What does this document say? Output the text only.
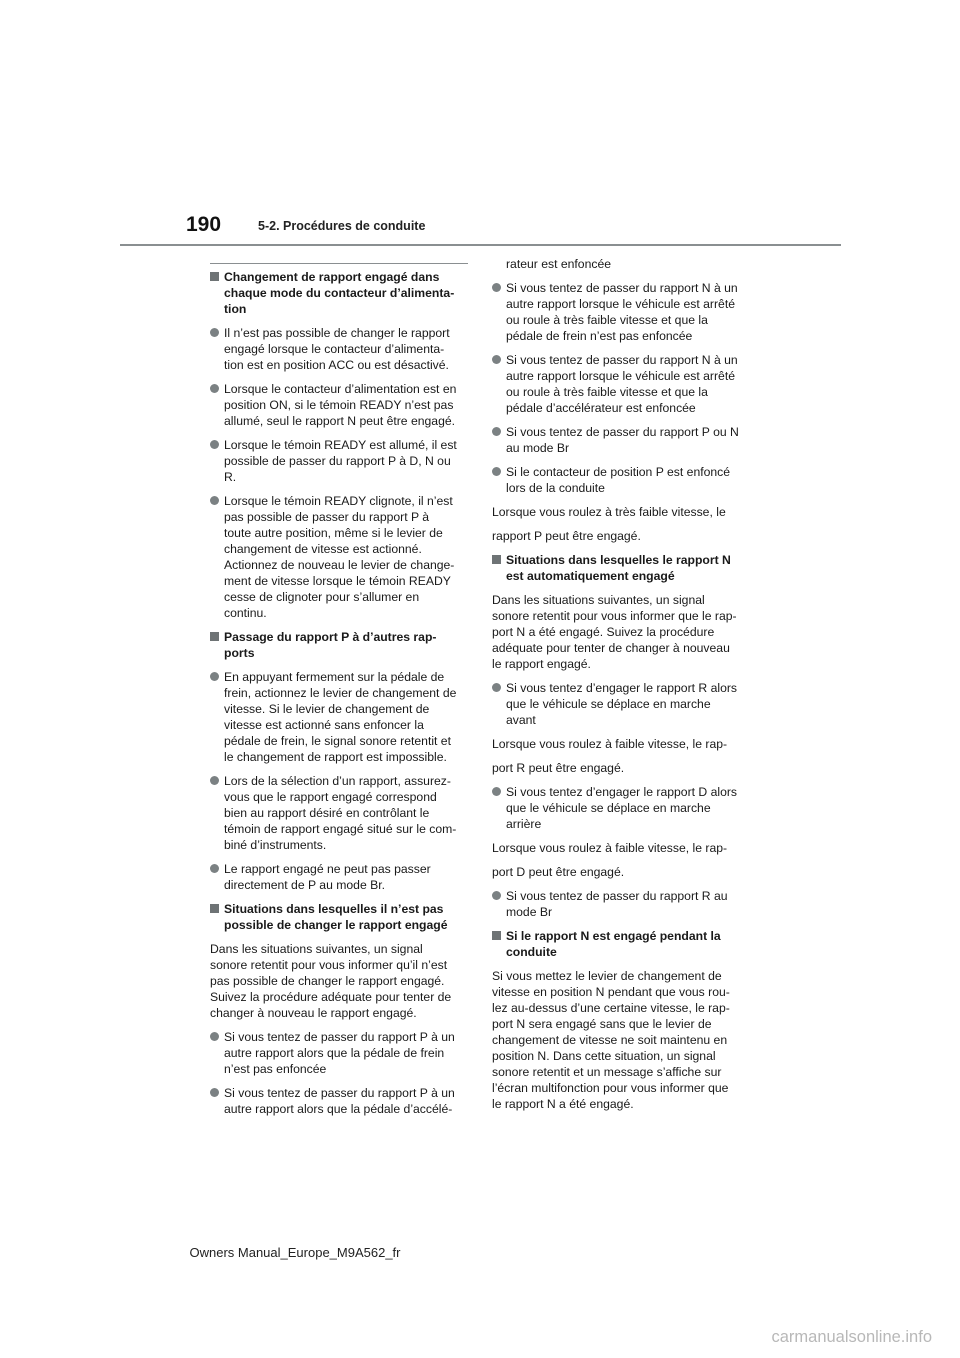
190	5-2. Procédures de conduite
Changement de rapport engagé dans
chaque mode du contacteur d’alimenta-
tion
Il n’est pas possible de changer le rapport
engagé lorsque le contacteur d’alimenta-
tion est en position ACC ou est désactivé.
Lorsque le contacteur d’alimentation est en
position ON, si le témoin READY n’est pas
allumé, seul le rapport N peut être engagé.
Lorsque le témoin READY est allumé, il est
possible de passer du rapport P à D, N ou
R.
Lorsque le témoin READY clignote, il n’est
pas possible de passer du rapport P à
toute autre position, même si le levier de
changement de vitesse est actionné.
Actionnez de nouveau le levier de change-
ment de vitesse lorsque le témoin READY
cesse de clignoter pour s’allumer en
continu.
Passage du rapport P à d’autres rap-
ports
En appuyant fermement sur la pédale de
frein, actionnez le levier de changement de
vitesse. Si le levier de changement de
vitesse est actionné sans enfoncer la
pédale de frein, le signal sonore retentit et
le changement de rapport est impossible.
Lors de la sélection d’un rapport, assurez-
vous que le rapport engagé correspond
bien au rapport désiré en contrôlant le
témoin de rapport engagé situé sur le com-
biné d’instruments.
Le rapport engagé ne peut pas passer
directement de P au mode Br.
Situations dans lesquelles il n’est pas
possible de changer le rapport engagé
Dans les situations suivantes, un signal
sonore retentit pour vous informer qu’il n’est
pas possible de changer le rapport engagé.
Suivez la procédure adéquate pour tenter de
changer à nouveau le rapport engagé.
Si vous tentez de passer du rapport P à un
autre rapport alors que la pédale de frein
n’est pas enfoncée
Si vous tentez de passer du rapport P à un
autre rapport alors que la pédale d’accélé-
rateur est enfoncée
Si vous tentez de passer du rapport N à un
autre rapport lorsque le véhicule est arrêté
ou roule à très faible vitesse et que la
pédale de frein n’est pas enfoncée
Si vous tentez de passer du rapport N à un
autre rapport lorsque le véhicule est arrêté
ou roule à très faible vitesse et que la
pédale d’accélérateur est enfoncée
Si vous tentez de passer du rapport P ou N
au mode Br
Si le contacteur de position P est enfoncé
lors de la conduite
Lorsque vous roulez à très faible vitesse, le
rapport P peut être engagé.
Situations dans lesquelles le rapport N
est automatiquement engagé
Dans les situations suivantes, un signal
sonore retentit pour vous informer que le rap-
port N a été engagé. Suivez la procédure
adéquate pour tenter de changer à nouveau
le rapport engagé.
Si vous tentez d’engager le rapport R alors
que le véhicule se déplace en marche
avant
Lorsque vous roulez à faible vitesse, le rap-
port R peut être engagé.
Si vous tentez d’engager le rapport D alors
que le véhicule se déplace en marche
arrière
Lorsque vous roulez à faible vitesse, le rap-
port D peut être engagé.
Si vous tentez de passer du rapport R au
mode Br
Si le rapport N est engagé pendant la
conduite
Si vous mettez le levier de changement de
vitesse en position N pendant que vous rou-
lez au-dessus d’une certaine vitesse, le rap-
port N sera engagé sans que le levier de
changement de vitesse ne soit maintenu en
position N. Dans cette situation, un signal
sonore retentit et un message s’affiche sur
l’écran multifonction pour vous informer que
le rapport N a été engagé.
Owners Manual_Europe_M9A562_fr
carmanualsonline.info
